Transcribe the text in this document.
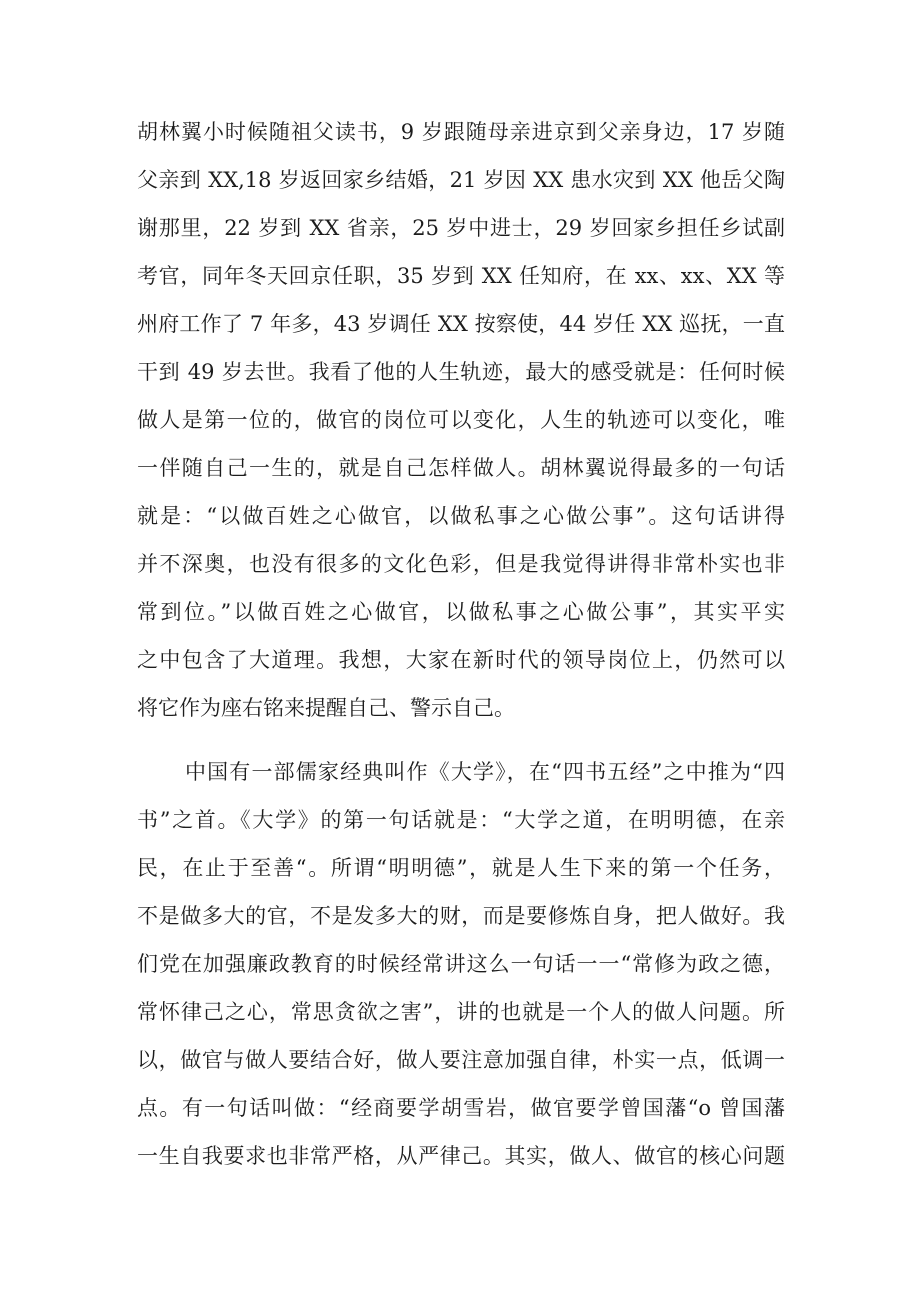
胡林翼小时候随祖父读书，9 岁跟随母亲进京到父亲身边，17 岁随
父亲到 XX,18 岁返回家乡结婚，21 岁因 XX 患水灾到 XX 他岳父陶
谢那里，22 岁到 XX 省亲，25 岁中进士，29 岁回家乡担任乡试副
考官，同年冬天回京任职，35 岁到 XX 任知府，在 xx、xx、XX 等
州府工作了 7 年多，43 岁调任 XX 按察使，44 岁任 XX 巡抚，一直
干到 49 岁去世。我看了他的人生轨迹，最大的感受就是：任何时候
做人是第一位的，做官的岗位可以变化，人生的轨迹可以变化，唯
一伴随自己一生的，就是自己怎样做人。胡林翼说得最多的一句话
就是：“以做百姓之心做官，以做私事之心做公事”。这句话讲得
并不深奥，也没有很多的文化色彩，但是我觉得讲得非常朴实也非
常到位。”以做百姓之心做官，以做私事之心做公事”，其实平实
之中包含了大道理。我想，大家在新时代的领导岗位上，仍然可以
将它作为座右铭来提醒自己、警示自己。
中国有一部儒家经典叫作《大学》，在“四书五经”之中推为“四
书”之首。《大学》的第一句话就是：“大学之道，在明明德，在亲
民，在止于至善“。所谓“明明德”，就是人生下来的第一个任务，
不是做多大的官，不是发多大的财，而是要修炼自身，把人做好。我
们党在加强廉政教育的时候经常讲这么一句话一一“常修为政之德，
常怀律己之心，常思贪欲之害”，讲的也就是一个人的做人问题。所
以，做官与做人要结合好，做人要注意加强自律，朴实一点，低调一
点。有一句话叫做：“经商要学胡雪岩，做官要学曾国藩“o 曾国藩
一生自我要求也非常严格，从严律己。其实，做人、做官的核心问题
